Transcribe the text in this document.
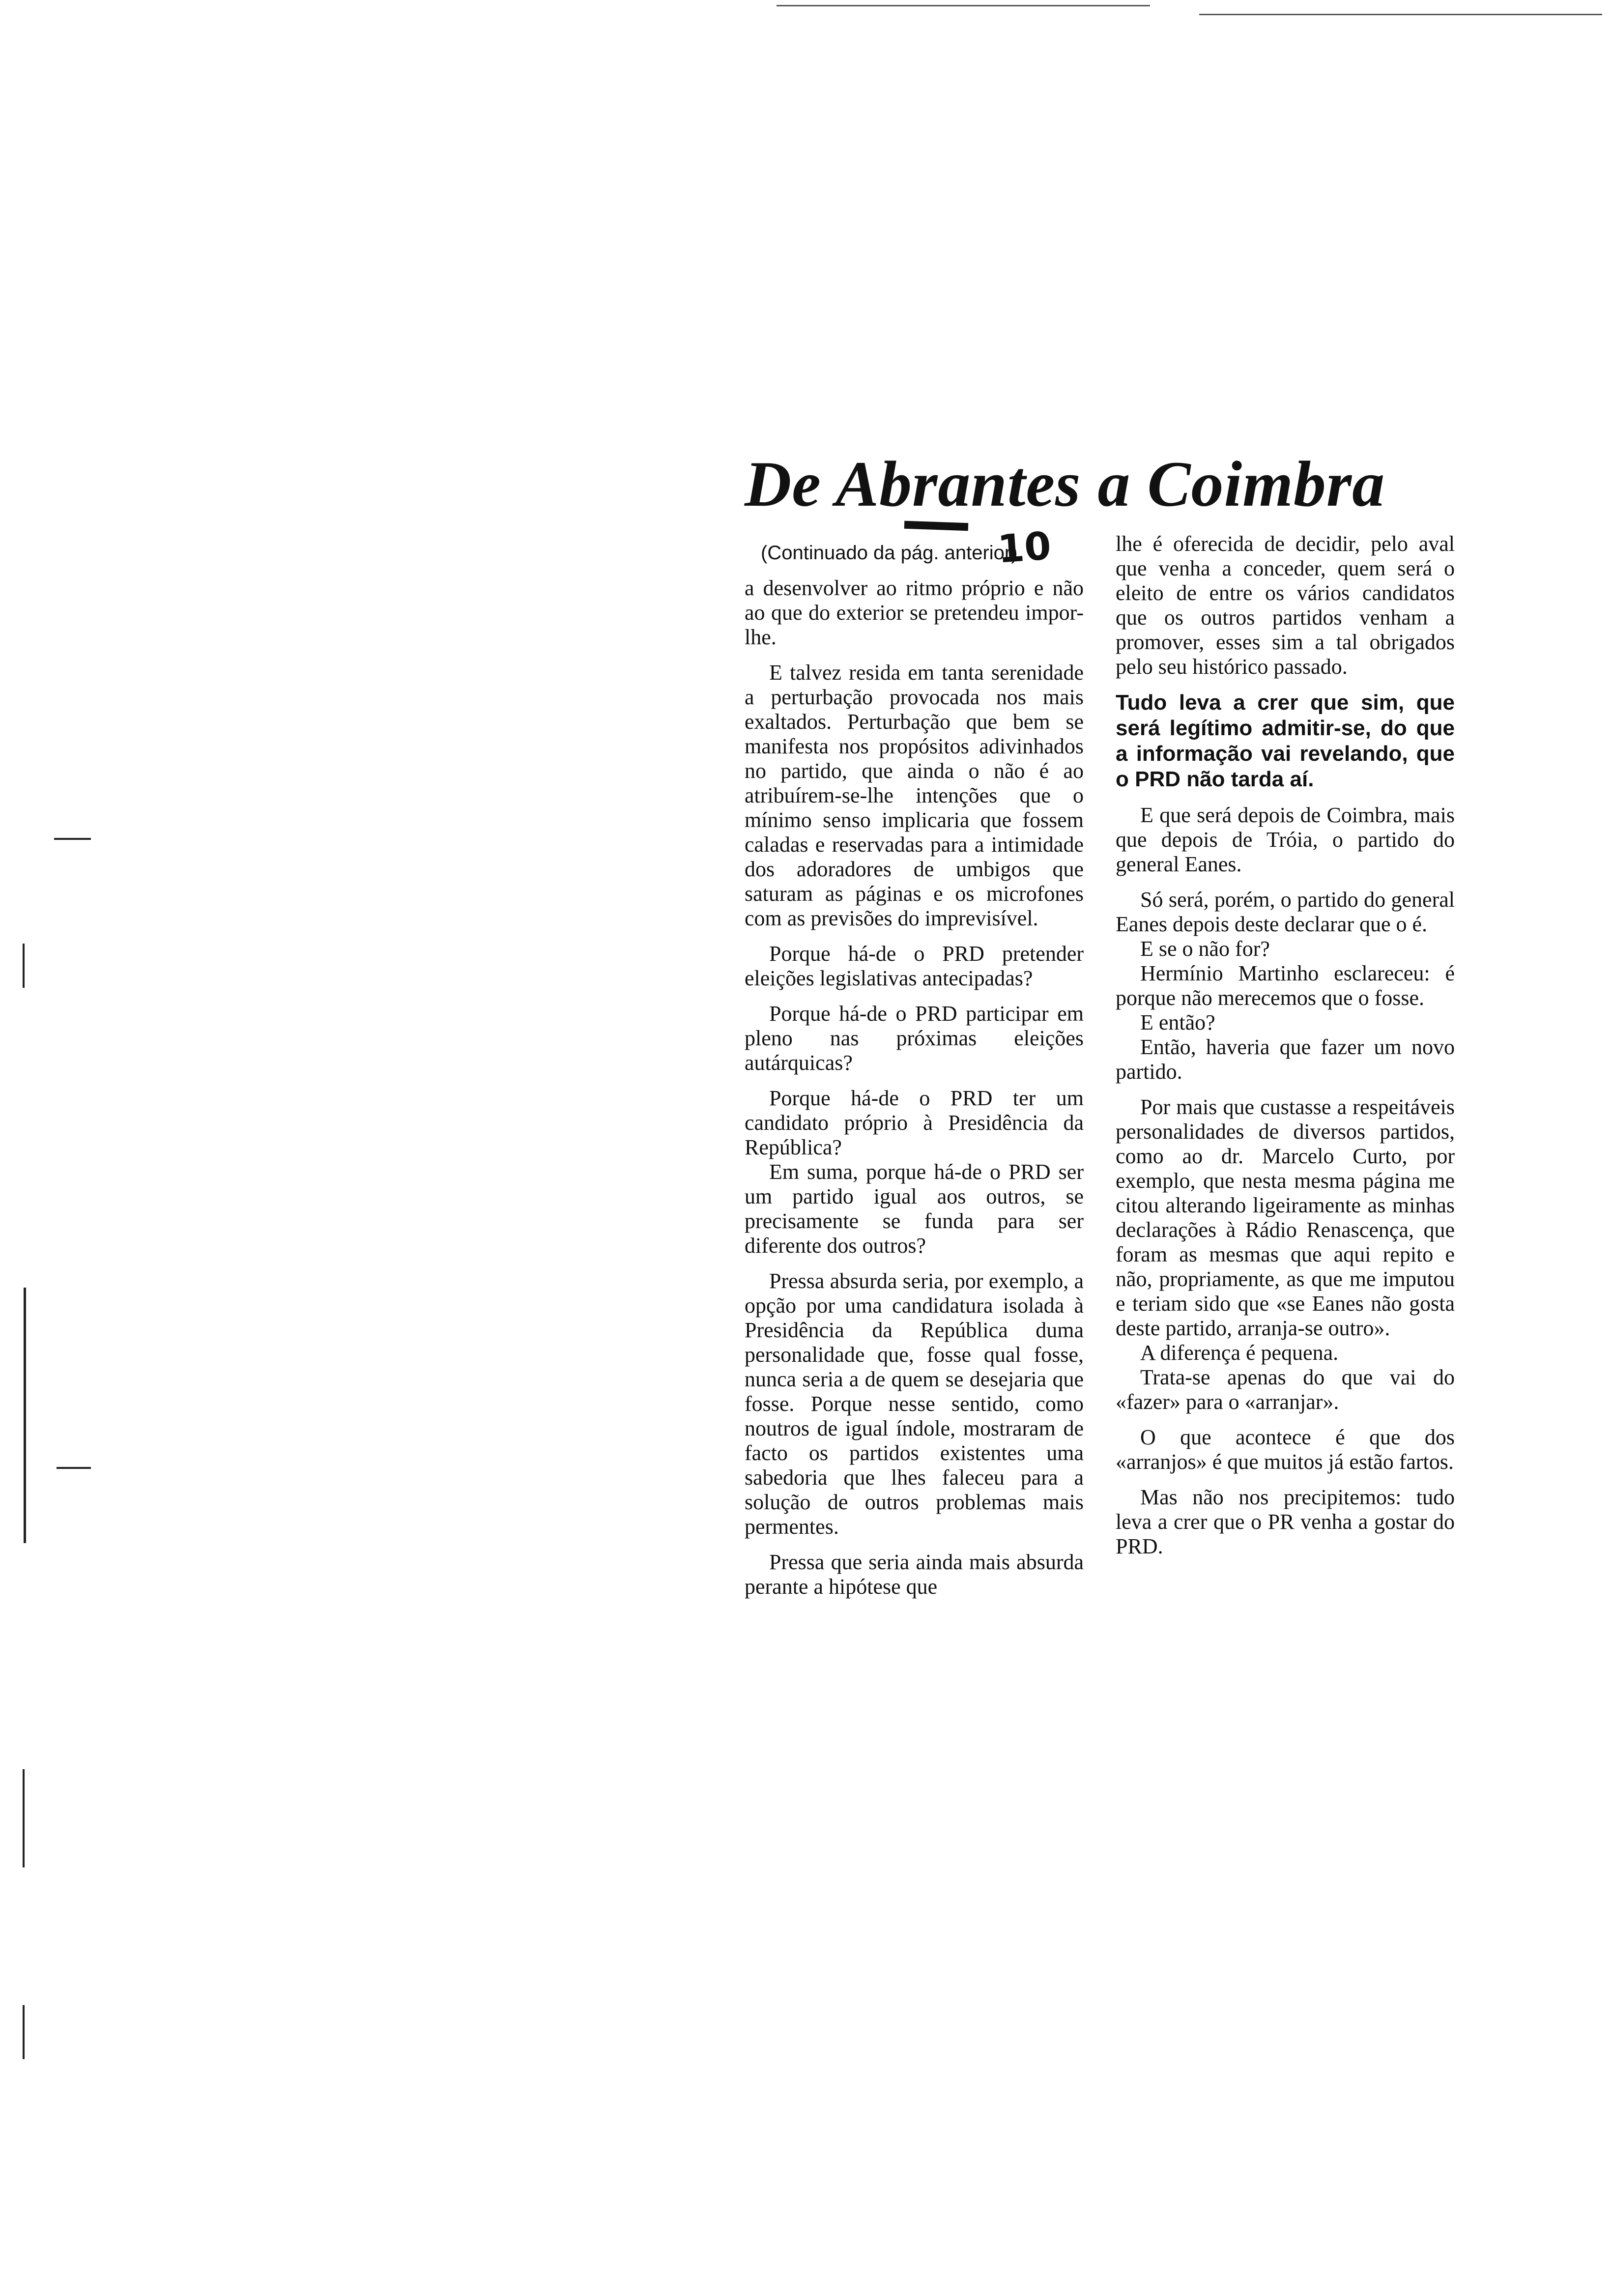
De Abrantes a Coimbra
10
(Continuado da pág. anterior)

a desenvolver ao ritmo próprio e não ao que do exterior se pretendeu impor-lhe.

E talvez resida em tanta serenidade a perturbação provocada nos mais exaltados. Perturbação que bem se manifesta nos propósitos adivinhados no partido, que ainda o não é ao atribuírem-se-lhe intenções que o mínimo senso implicaria que fossem caladas e reservadas para a intimidade dos adoradores de umbigos que saturam as páginas e os microfones com as previsões do imprevisível.

Porque há-de o PRD pretender eleições legislativas antecipadas?

Porque há-de o PRD participar em pleno nas próximas eleições autárquicas?

Porque há-de o PRD ter um candidato próprio à Presidência da República?

Em suma, porque há-de o PRD ser um partido igual aos outros, se precisamente se funda para ser diferente dos outros?

Pressa absurda seria, por exemplo, a opção por uma candidatura isolada à Presidência da República duma personalidade que, fosse qual fosse, nunca seria a de quem se desejaria que fosse. Porque nesse sentido, como noutros de igual índole, mostraram de facto os partidos existentes uma sabedoria que lhes faleceu para a solução de outros problemas mais permentes.

Pressa que seria ainda mais absurda perante a hipótese que

lhe é oferecida de decidir, pelo aval que venha a conceder, quem será o eleito de entre os vários candidatos que os outros partidos venham a promover, esses sim a tal obrigados pelo seu histórico passado.

Tudo leva a crer que sim, que será legítimo admitir-se, do que a informação vai revelando, que o PRD não tarda aí.

E que será depois de Coimbra, mais que depois de Tróia, o partido do general Eanes.

Só será, porém, o partido do general Eanes depois deste declarar que o é.

E se o não for?

Hermínio Martinho esclareceu: é porque não merecemos que o fosse.

E então?

Então, haveria que fazer um novo partido.

Por mais que custasse a respeitáveis personalidades de diversos partidos, como ao dr. Marcelo Curto, por exemplo, que nesta mesma página me citou alterando ligeiramente as minhas declarações à Rádio Renascença, que foram as mesmas que aqui repito e não, propriamente, as que me imputou e teriam sido que «se Eanes não gosta deste partido, arranja-se outro».

A diferença é pequena.

Trata-se apenas do que vai do «fazer» para o «arranjar».

O que acontece é que dos «arranjos» é que muitos já estão fartos.

Mas não nos precipitemos: tudo leva a crer que o PR venha a gostar do PRD.
